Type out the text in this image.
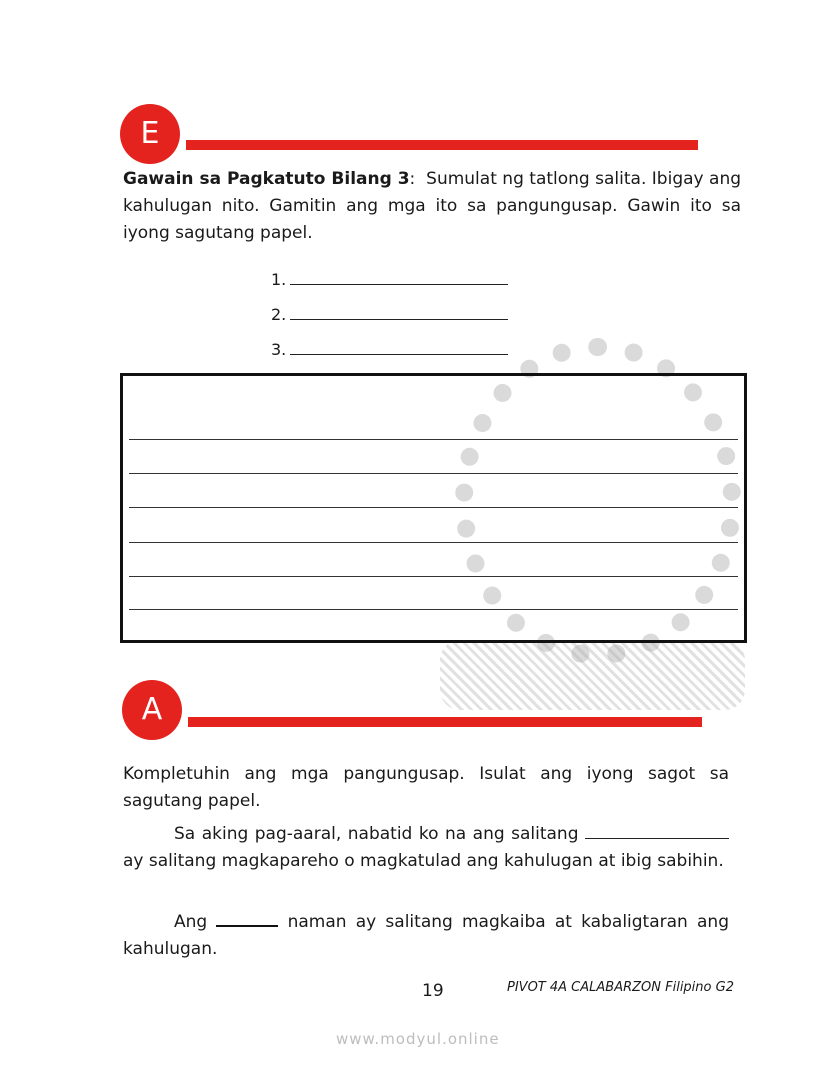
E
Gawain sa Pagkatuto Bilang 3: Sumulat ng tatlong salita. Ibigay ang kahulugan nito. Gamitin ang mga ito sa pangungusap. Gawin ito sa iyong sagutang papel.
1.
2.
3.
A
Kompletuhin ang mga pangungusap. Isulat ang iyong sagot sa sagutang papel.
Sa aking pag-aaral, nabatid ko na ang salitang  ay salitang magkapareho o magkatulad ang kahulugan at ibig sabihin.
Ang	naman ay salitang magkaiba at kabaligtaran ang kahulugan.
19	PIVOT 4A CALABARZON Filipino G2
www.modyul.online
